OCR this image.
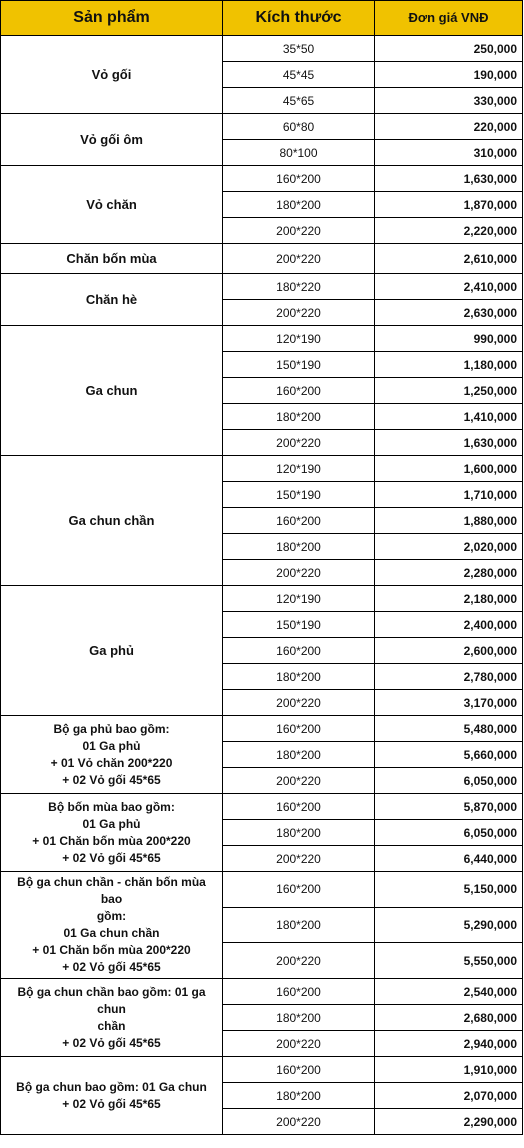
Sản phẩm	Kích thước	Đơn giá VNĐ

Vỏ gối	35*50	250,000
	45*45	190,000
	45*65	330,000

Vỏ gối ôm	60*80	220,000
	80*100	310,000

Vỏ chăn	160*200	1,630,000
	180*200	1,870,000
	200*220	2,220,000

Chăn bốn mùa	200*220	2,610,000

Chăn hè	180*220	2,410,000
	200*220	2,630,000

Ga chun	120*190	990,000
	150*190	1,180,000
	160*200	1,250,000
	180*200	1,410,000
	200*220	1,630,000

Ga chun chần	120*190	1,600,000
	150*190	1,710,000
	160*200	1,880,000
	180*200	2,020,000
	200*220	2,280,000

Ga phủ	120*190	2,180,000
	150*190	2,400,000
	160*200	2,600,000
	180*200	2,780,000
	200*220	3,170,000

Bộ ga phủ bao gồm:
01 Ga phủ
+ 01 Vỏ chăn 200*220
+ 02 Vỏ gối 45*65	160*200	5,480,000
	180*200	5,660,000
	200*220	6,050,000

Bộ bốn mùa bao gồm:
01 Ga phủ
+ 01 Chăn bốn mùa 200*220
+ 02 Vỏ gối 45*65	160*200	5,870,000
	180*200	6,050,000
	200*220	6,440,000

Bộ ga chun chần - chăn bốn mùa bao
gồm:
01 Ga chun chần
+ 01 Chăn bốn mùa 200*220
+ 02 Vỏ gối 45*65	160*200	5,150,000
	180*200	5,290,000
	200*220	5,550,000

Bộ ga chun chần bao gồm: 01 ga chun
chần
+ 02 Vỏ gối 45*65	160*200	2,540,000
	180*200	2,680,000
	200*220	2,940,000

Bộ ga chun bao gồm: 01 Ga chun
+ 02 Vỏ gối 45*65	160*200	1,910,000
	180*200	2,070,000
	200*220	2,290,000
